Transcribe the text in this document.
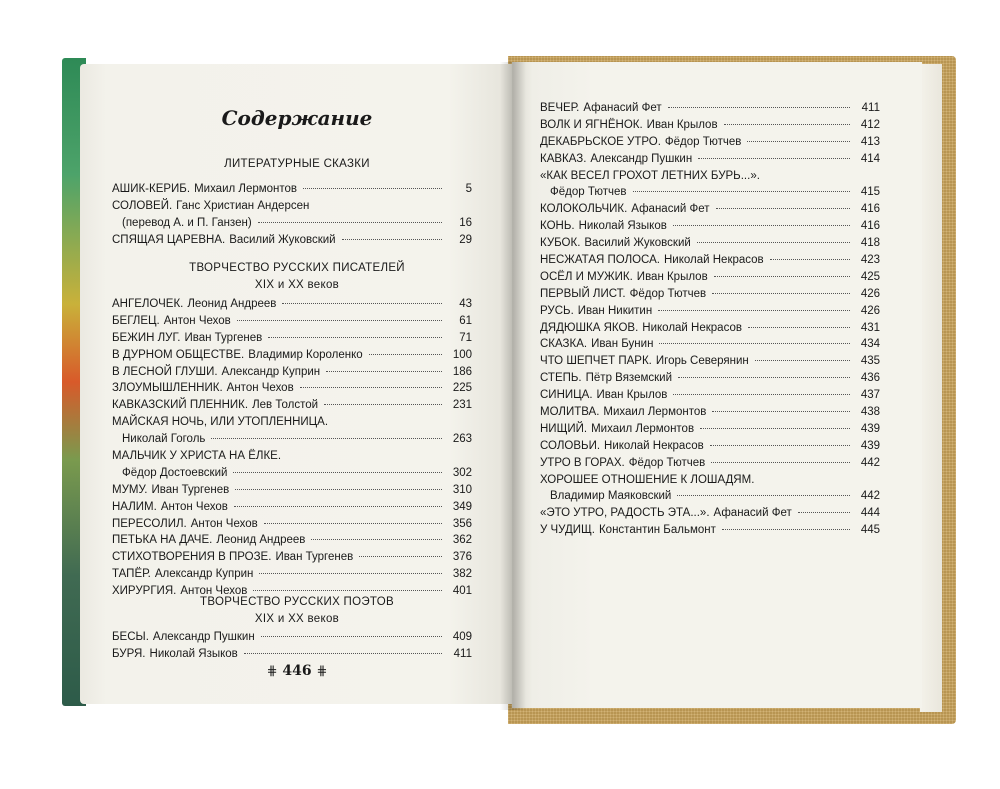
Содержание
ЛИТЕРАТУРНЫЕ СКАЗКИ
АШИК-КЕРИБ. Михаил Лермонтов	5
СОЛОВЕЙ. Ганс Христиан Андерсен
(перевод А. и П. Ганзен)	16
СПЯЩАЯ ЦАРЕВНА. Василий Жуковский	29
ТВОРЧЕСТВО РУССКИХ ПИСАТЕЛЕЙ
XIX и XX веков
АНГЕЛОЧЕК. Леонид Андреев	43
БЕГЛЕЦ. Антон Чехов	61
БЕЖИН ЛУГ. Иван Тургенев	71
В ДУРНОМ ОБЩЕСТВЕ. Владимир Короленко	100
В ЛЕСНОЙ ГЛУШИ. Александр Куприн	186
ЗЛОУМЫШЛЕННИК. Антон Чехов	225
КАВКАЗСКИЙ ПЛЕННИК. Лев Толстой	231
МАЙСКАЯ НОЧЬ, ИЛИ УТОПЛЕННИЦА.
Николай Гоголь	263
МАЛЬЧИК У ХРИСТА НА ЁЛКЕ.
Фёдор Достоевский	302
МУМУ. Иван Тургенев	310
НАЛИМ. Антон Чехов	349
ПЕРЕСОЛИЛ. Антон Чехов	356
ПЕТЬКА НА ДАЧЕ. Леонид Андреев	362
СТИХОТВОРЕНИЯ В ПРОЗЕ. Иван Тургенев	376
ТАПЁР. Александр Куприн	382
ХИРУРГИЯ. Антон Чехов	401
ТВОРЧЕСТВО РУССКИХ ПОЭТОВ
XIX и XX веков
БЕСЫ. Александр Пушкин	409
БУРЯ. Николай Языков	411
⋕ 446 ⋕
ВЕЧЕР. Афанасий Фет	411
ВОЛК И ЯГНЁНОК. Иван Крылов	412
ДЕКАБРЬСКОЕ УТРО. Фёдор Тютчев	413
КАВКАЗ. Александр Пушкин	414
«КАК ВЕСЕЛ ГРОХОТ ЛЕТНИХ БУРЬ...».
Фёдор Тютчев	415
КОЛОКОЛЬЧИК. Афанасий Фет	416
КОНЬ. Николай Языков	416
КУБОК. Василий Жуковский	418
НЕСЖАТАЯ ПОЛОСА. Николай Некрасов	423
ОСЁЛ И МУЖИК. Иван Крылов	425
ПЕРВЫЙ ЛИСТ. Фёдор Тютчев	426
РУСЬ. Иван Никитин	426
ДЯДЮШКА ЯКОВ. Николай Некрасов	431
СКАЗКА. Иван Бунин	434
ЧТО ШЕПЧЕТ ПАРК. Игорь Северянин	435
СТЕПЬ. Пётр Вяземский	436
СИНИЦА. Иван Крылов	437
МОЛИТВА. Михаил Лермонтов	438
НИЩИЙ. Михаил Лермонтов	439
СОЛОВЬИ. Николай Некрасов	439
УТРО В ГОРАХ. Фёдор Тютчев	442
ХОРОШЕЕ ОТНОШЕНИЕ К ЛОШАДЯМ.
Владимир Маяковский	442
«ЭТО УТРО, РАДОСТЬ ЭТА...». Афанасий Фет	444
У ЧУДИЩ. Константин Бальмонт	445
